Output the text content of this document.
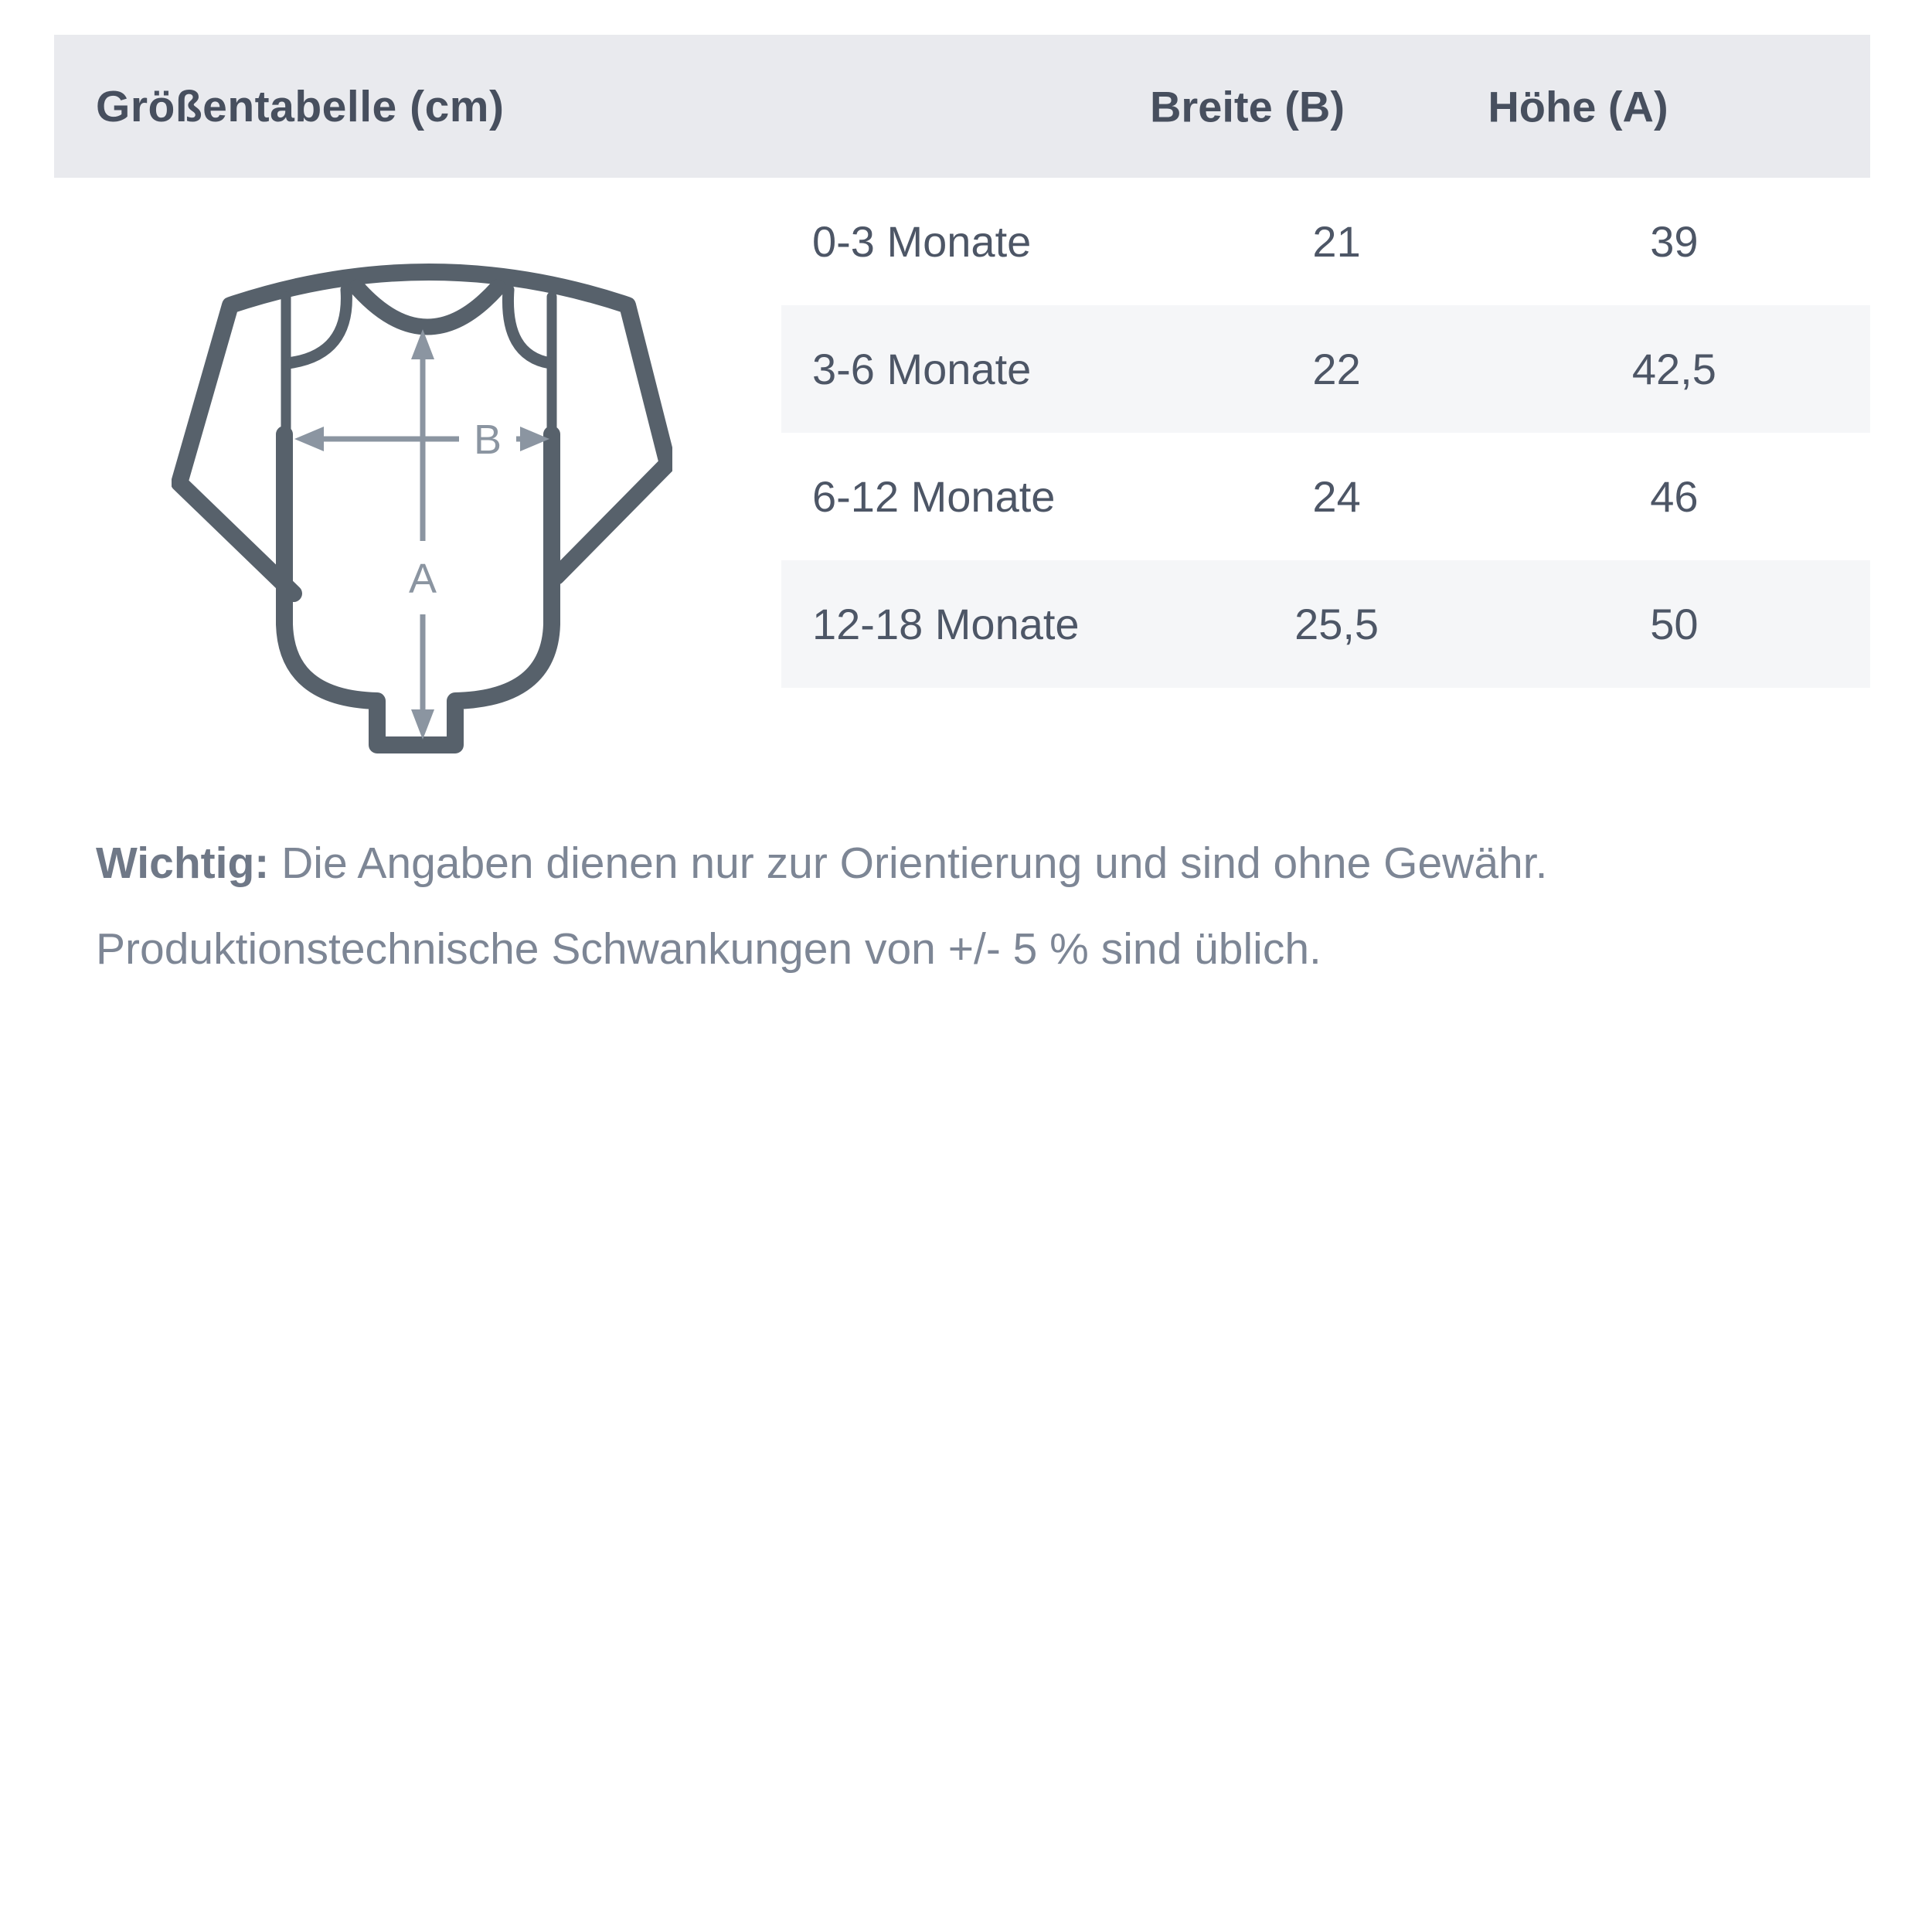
Größentabelle (cm)	Breite (B)	Höhe (A)
A
B
0-3 Monate	21	39
3-6 Monate	22	42,5
6-12 Monate	24	46
12-18 Monate	25,5	50
Wichtig: Die Angaben dienen nur zur Orientierung und sind ohne Gewähr.
Produktionstechnische Schwankungen von +/- 5 % sind üblich.
